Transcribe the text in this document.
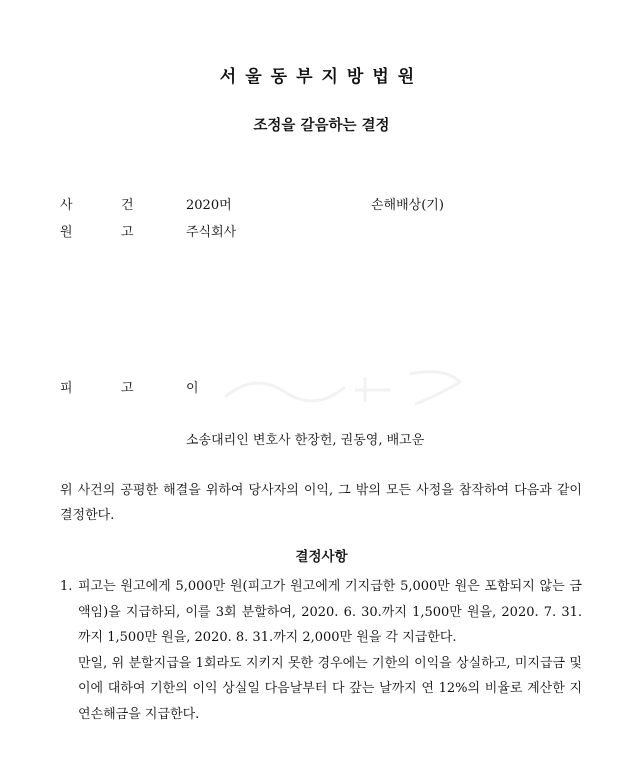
서울동부지방법원
조정을 갈음하는 결정
사	건	2020머	손해배상(기)
원	고	주식회사
피	고	이
소송대리인 변호사 한장헌, 권동영, 배고운
위 사건의 공평한 해결을 위하여 당사자의 이익, 그 밖의 모든 사정을 참작하여 다음과 같이 결정한다.
결정사항
1. 피고는 원고에게 5,000만 원(피고가 원고에게 기지급한 5,000만 원은 포함되지 않는 금액임)을 지급하되, 이를 3회 분할하여, 2020. 6. 30.까지 1,500만 원을, 2020. 7. 31.까지 1,500만 원을, 2020. 8. 31.까지 2,000만 원을 각 지급한다.

만일, 위 분할지급을 1회라도 지키지 못한 경우에는 기한의 이익을 상실하고, 미지급금 및 이에 대하여 기한의 이익 상실일 다음날부터 다 갚는 날까지 연 12%의 비율로 계산한 지연손해금을 지급한다.
